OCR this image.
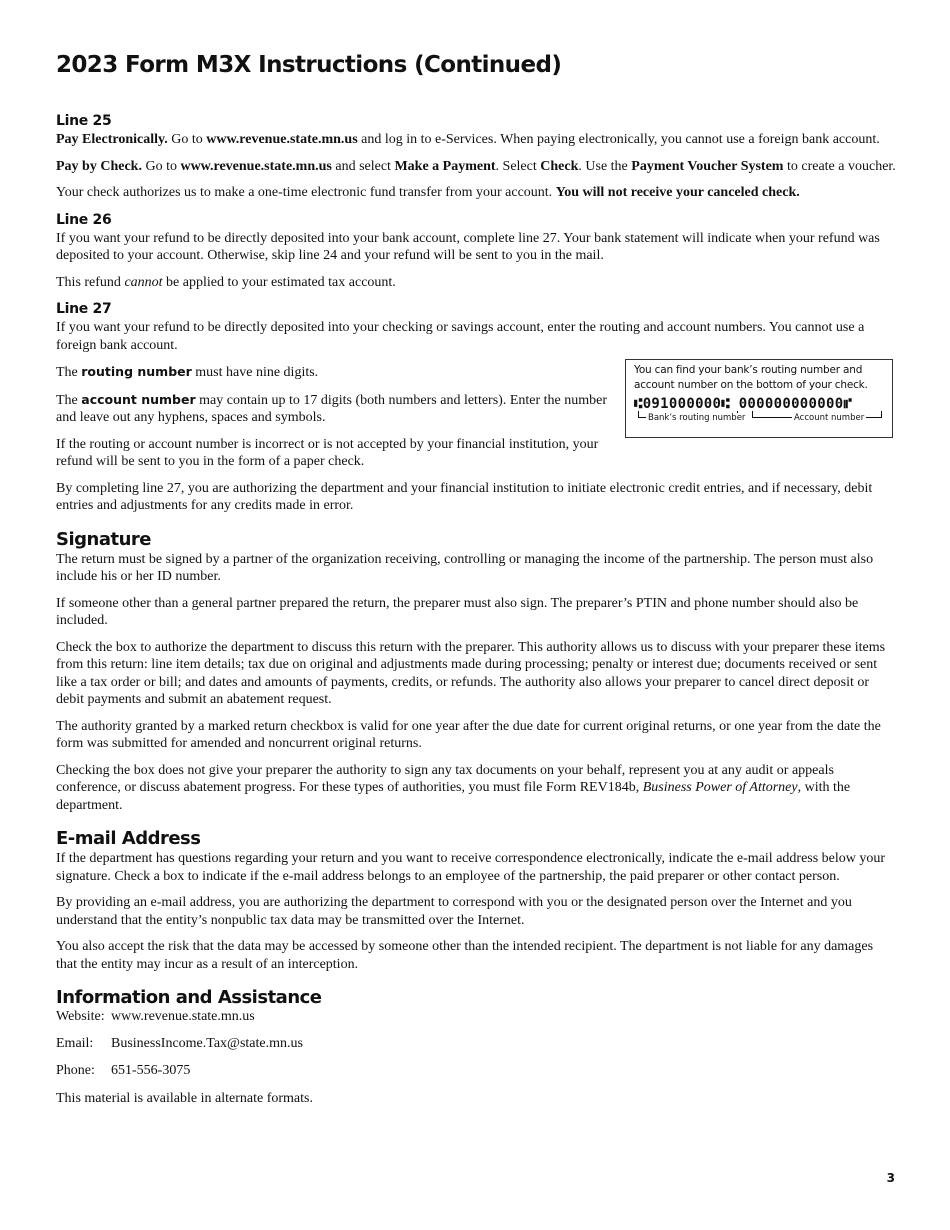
2023 Form M3X Instructions (Continued)
Line 25

Pay Electronically. Go to www.revenue.state.mn.us and log in to e-Services. When paying electronically, you cannot use a foreign bank account.

Pay by Check. Go to www.revenue.state.mn.us and select Make a Payment. Select Check. Use the Payment Voucher System to create a voucher.

Your check authorizes us to make a one-time electronic fund transfer from your account. You will not receive your canceled check.

Line 26

If you want your refund to be directly deposited into your bank account, complete line 27. Your bank statement will indicate when your refund was deposited to your account. Otherwise, skip line 24 and your refund will be sent to you in the mail.

This refund cannot be applied to your estimated tax account.

Line 27

If you want your refund to be directly deposited into your checking or savings account, enter the routing and account numbers. You cannot use a foreign bank account.

The routing number must have nine digits.

The account number may contain up to 17 digits (both numbers and letters). Enter the number and leave out any hyphens, spaces and symbols.

If the routing or account number is incorrect or is not accepted by your financial institution, your refund will be sent to you in the form of a paper check.

You can find your bank’s routing number and account number on the bottom of your check.
⑆091000000⑆ 000000000000⑈
Bank’s routing number	Account number

By completing line 27, you are authorizing the department and your financial institution to initiate electronic credit entries, and if necessary, debit entries and adjustments for any credits made in error.

Signature

The return must be signed by a partner of the organization receiving, controlling or managing the income of the partnership. The person must also include his or her ID number.

If someone other than a general partner prepared the return, the preparer must also sign. The preparer’s PTIN and phone number should also be included.

Check the box to authorize the department to discuss this return with the preparer. This authority allows us to discuss with your preparer these items from this return: line item details; tax due on original and adjustments made during processing; penalty or interest due; documents received or sent like a tax order or bill; and dates and amounts of payments, credits, or refunds. The authority also allows your preparer to cancel direct deposit or debit payments and submit an abatement request.

The authority granted by a marked return checkbox is valid for one year after the due date for current original returns, or one year from the date the form was submitted for amended and noncurrent original returns.

Checking the box does not give your preparer the authority to sign any tax documents on your behalf, represent you at any audit or appeals conference, or discuss abatement progress. For these types of authorities, you must file Form REV184b, Business Power of Attorney, with the department.

E-mail Address

If the department has questions regarding your return and you want to receive correspondence electronically, indicate the e-mail address below your signature. Check a box to indicate if the e-mail address belongs to an employee of the partnership, the paid preparer or other contact person.

By providing an e-mail address, you are authorizing the department to correspond with you or the designated person over the Internet and you understand that the entity’s nonpublic tax data may be transmitted over the Internet.

You also accept the risk that the data may be accessed by someone other than the intended recipient. The department is not liable for any damages that the entity may incur as a result of an interception.

Information and Assistance
Website:	www.revenue.state.mn.us
Email:	BusinessIncome.Tax@state.mn.us
Phone:	651-556-3075

This material is available in alternate formats.

3
